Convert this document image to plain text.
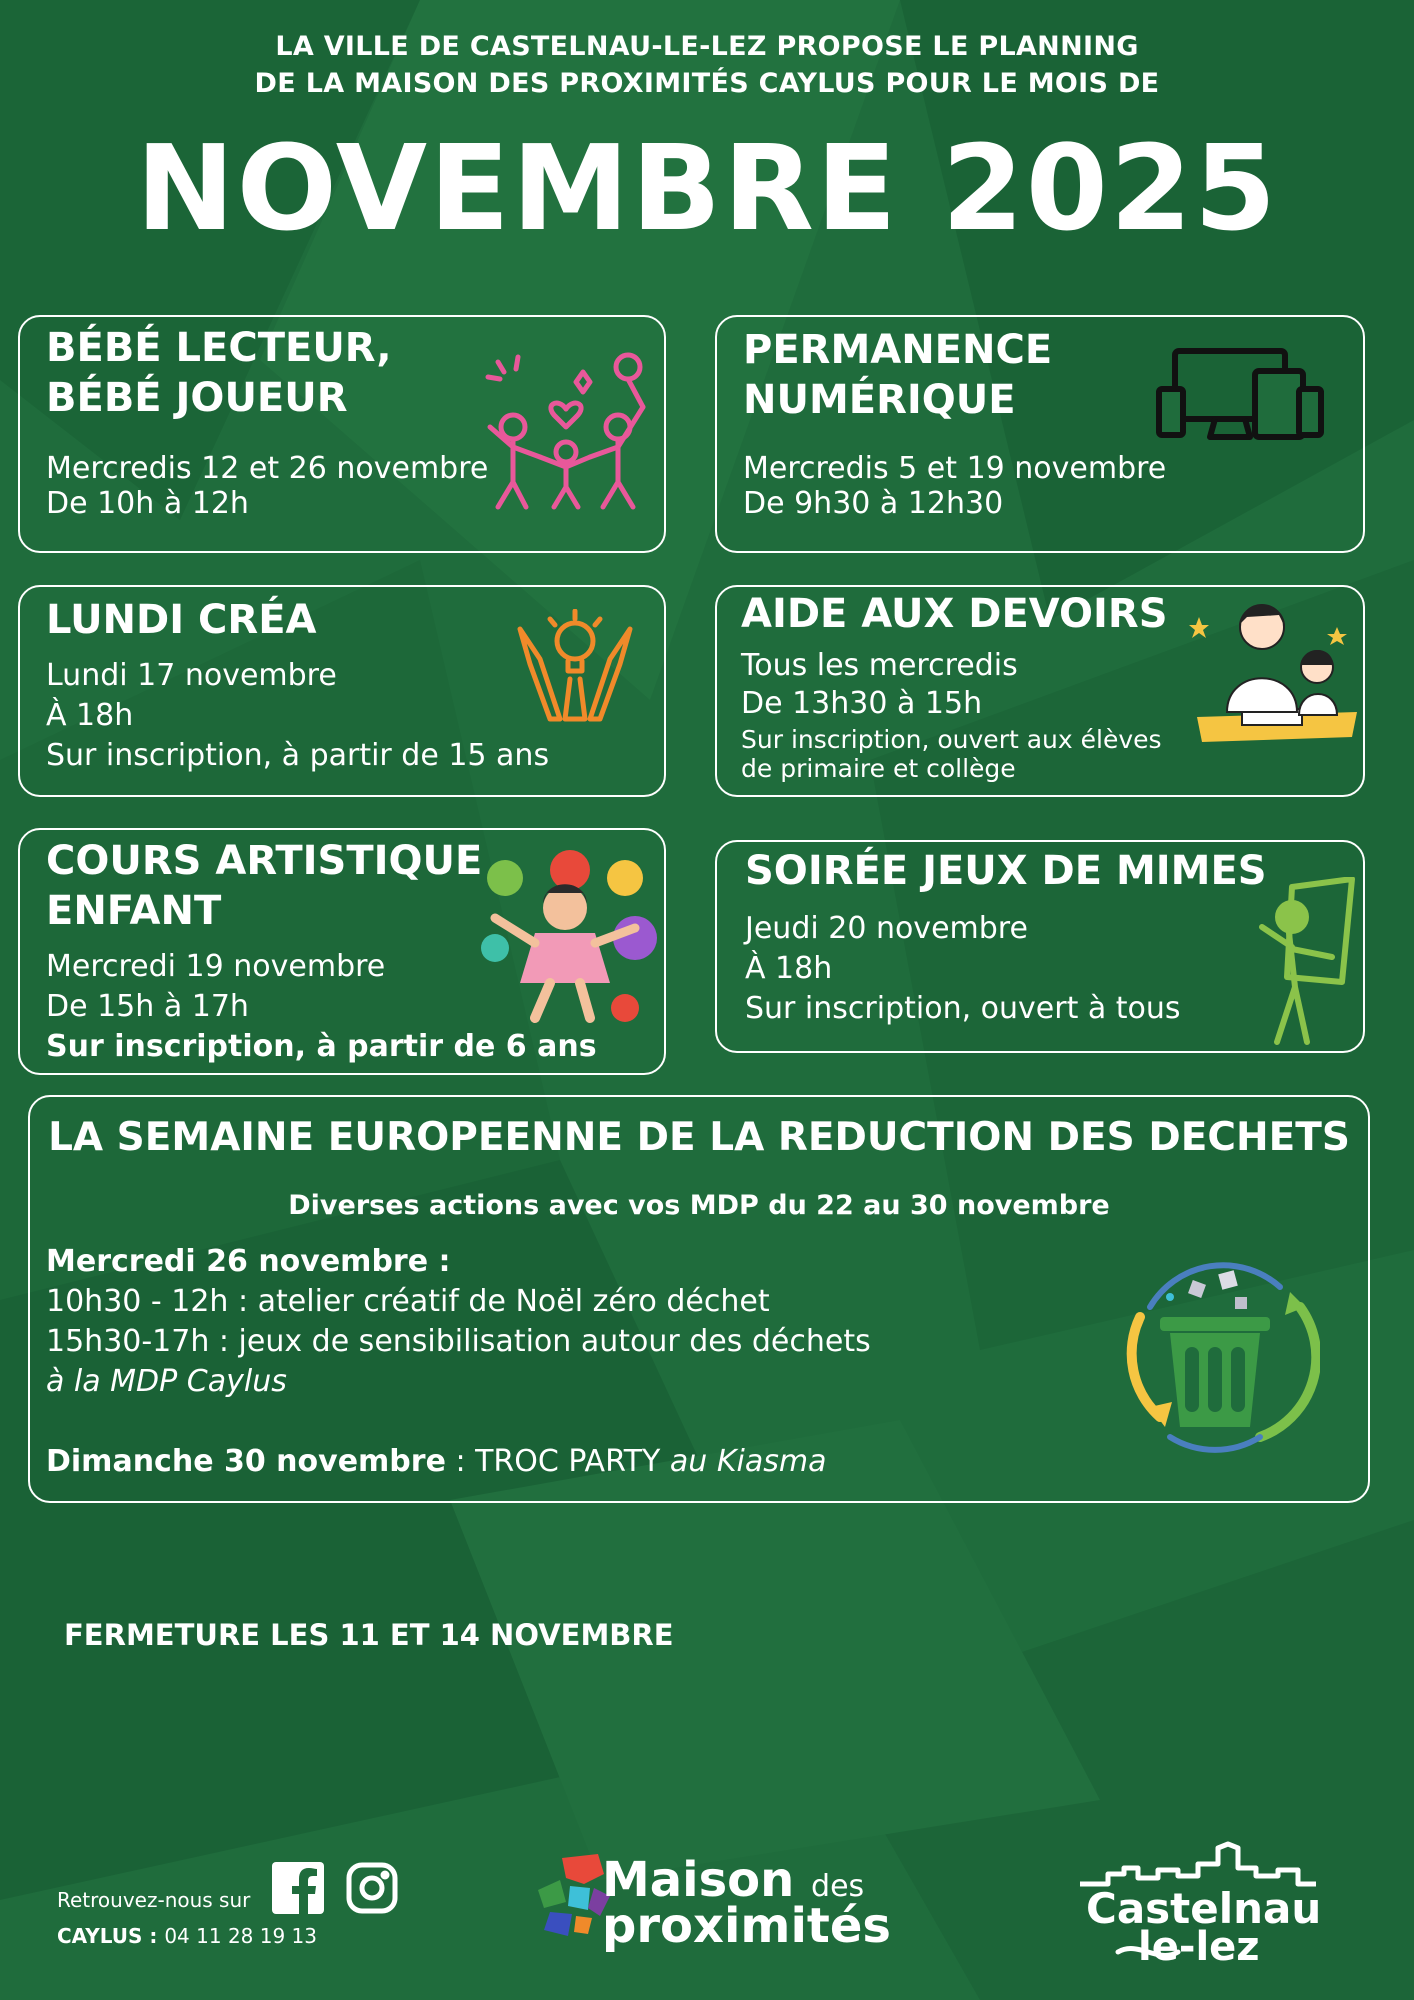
LA VILLE DE CASTELNAU-LE-LEZ PROPOSE LE PLANNING
DE LA MAISON DES PROXIMITÉS CAYLUS POUR LE MOIS DE
NOVEMBRE 2025
BÉBÉ LECTEUR,
BÉBÉ JOUEUR
Mercredis 12 et 26 novembre
De 10h à 12h
PERMANENCE
NUMÉRIQUE
Mercredis 5 et 19 novembre
De 9h30 à 12h30
LUNDI CRÉA
Lundi 17 novembre
À 18h
Sur inscription, à partir de 15 ans
AIDE AUX DEVOIRS
Tous les mercredis
De 13h30 à 15h
Sur inscription, ouvert aux élèves
de primaire et collège
COURS ARTISTIQUE
ENFANT
Mercredi 19 novembre
De 15h à 17h
Sur inscription, à partir de 6 ans
SOIRÉE JEUX DE MIMES
Jeudi 20 novembre
À 18h
Sur inscription, ouvert à tous
LA SEMAINE EUROPEENNE DE LA REDUCTION DES DECHETS
Diverses actions avec vos MDP du 22 au 30 novembre
Mercredi 26 novembre :
10h30 - 12h : atelier créatif de Noël zéro déchet
15h30-17h : jeux de sensibilisation autour des déchets
à la MDP Caylus
Dimanche 30 novembre : TROC PARTY au Kiasma
FERMETURE LES 11 ET 14 NOVEMBRE
Retrouvez-nous sur
CAYLUS : 04 11 28 19 13
Maison des
proximités	Castelnau
le-lez
